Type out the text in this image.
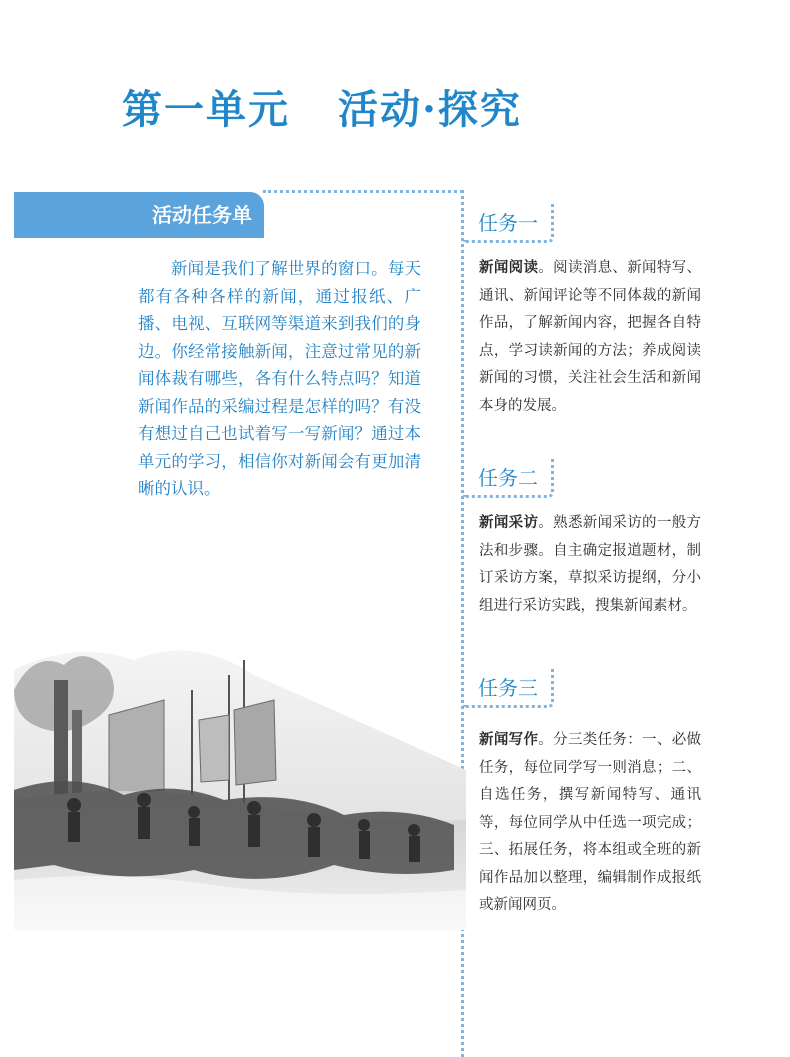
第一单元 活动·探究
活动任务单
新闻是我们了解世界的窗口。每天都有各种各样的新闻，通过报纸、广播、电视、互联网等渠道来到我们的身边。你经常接触新闻，注意过常见的新闻体裁有哪些，各有什么特点吗？知道新闻作品的采编过程是怎样的吗？有没有想过自己也试着写一写新闻？通过本单元的学习，相信你对新闻会有更加清晰的认识。
任务一
新闻阅读。阅读消息、新闻特写、通讯、新闻评论等不同体裁的新闻作品，了解新闻内容，把握各自特点，学习读新闻的方法；养成阅读新闻的习惯，关注社会生活和新闻本身的发展。
任务二
新闻采访。熟悉新闻采访的一般方法和步骤。自主确定报道题材，制订采访方案，草拟采访提纲，分小组进行采访实践，搜集新闻素材。
任务三
新闻写作。分三类任务：一、必做任务，每位同学写一则消息；二、自选任务，撰写新闻特写、通讯等，每位同学从中任选一项完成；三、拓展任务，将本组或全班的新闻作品加以整理，编辑制作成报纸或新闻网页。
